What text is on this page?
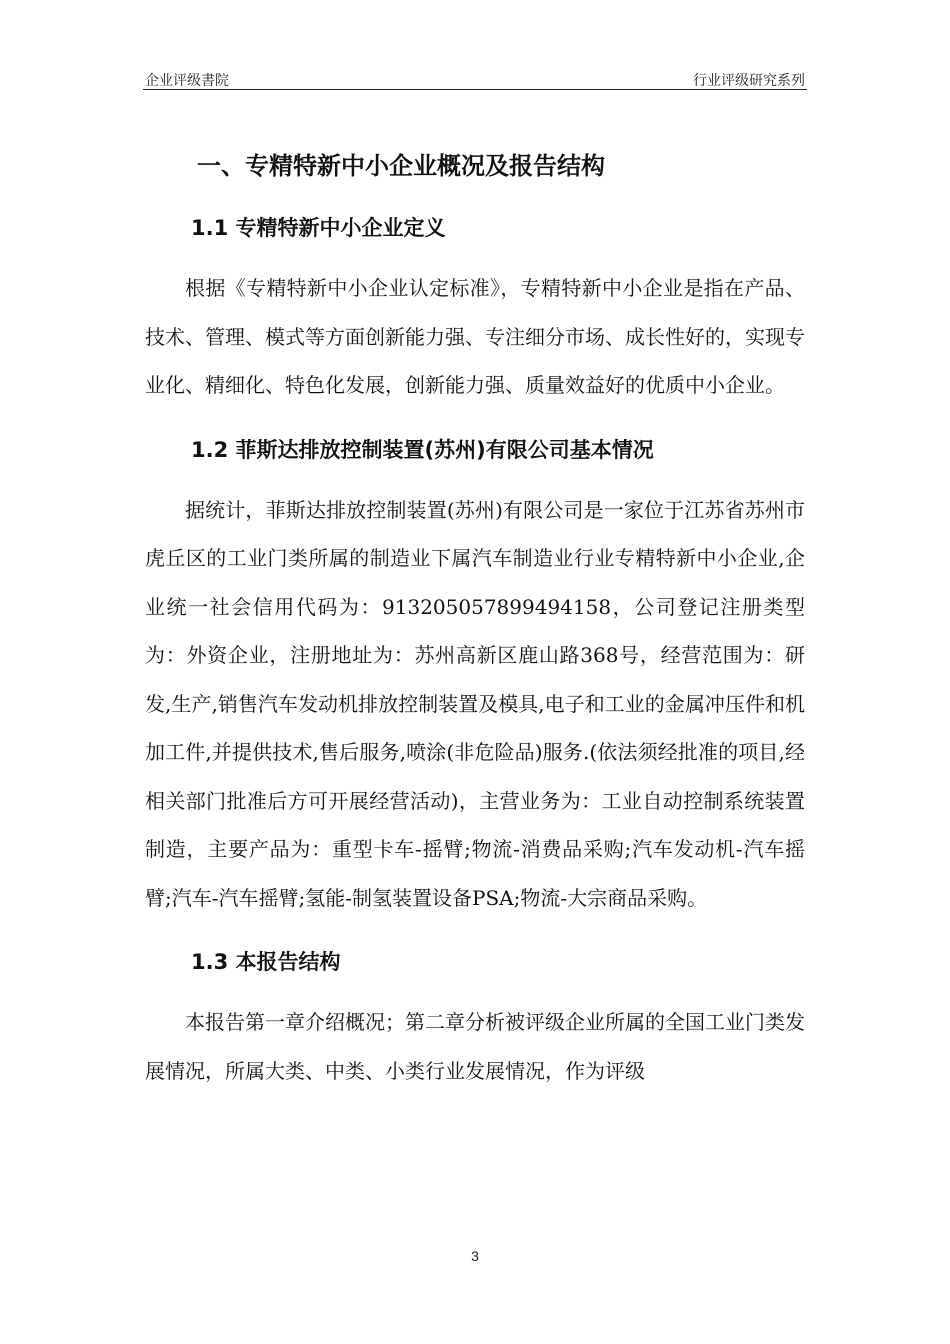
企业评级書院	行业评级研究系列
一、专精特新中小企业概况及报告结构
1.1 专精特新中小企业定义

根据《专精特新中小企业认定标准》，专精特新中小企业是指在产品、技术、管理、模式等方面创新能力强、专注细分市场、成长性好的，实现专业化、精细化、特色化发展，创新能力强、质量效益好的优质中小企业。

1.2 菲斯达排放控制装置(苏州)有限公司基本情况

据统计，菲斯达排放控制装置(苏州)有限公司是一家位于江苏省苏州市虎丘区的工业门类所属的制造业下属汽车制造业行业专精特新中小企业,企业统一社会信用代码为：913205057899494158，公司登记注册类型为：外资企业，注册地址为：苏州高新区鹿山路368号，经营范围为：研发,生产,销售汽车发动机排放控制装置及模具,电子和工业的金属冲压件和机加工件,并提供技术,售后服务,喷涂(非危险品)服务.(依法须经批准的项目,经相关部门批准后方可开展经营活动)，主营业务为：工业自动控制系统装置制造，主要产品为：重型卡车-摇臂;物流-消费品采购;汽车发动机-汽车摇臂;汽车-汽车摇臂;氢能-制氢装置设备PSA;物流-大宗商品采购。

1.3 本报告结构

本报告第一章介绍概况；第二章分析被评级企业所属的全国工业门类发展情况，所属大类、中类、小类行业发展情况，作为评级

3
